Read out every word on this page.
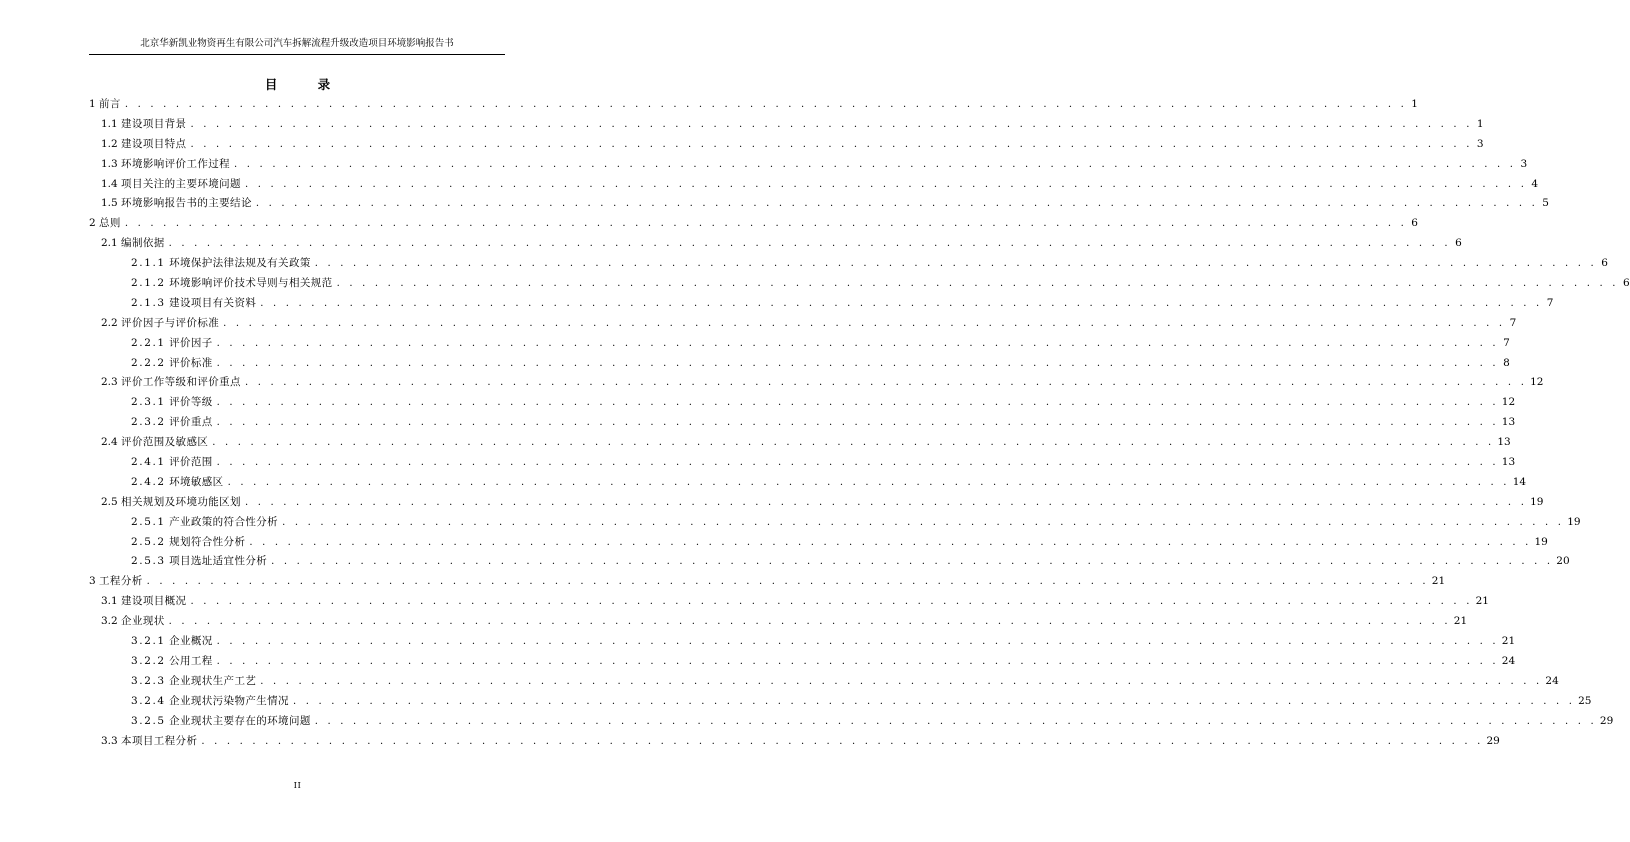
北京华新凯业物资再生有限公司汽车拆解流程升级改造项目环境影响报告书
目 录
1
前言 . . . . . . . . . . . . . . . . . . . . . . . . . . . . . . . . . . . . . . . . . . . . . . . . . . . . . . . . . . . . . . . . . . . . . . . . . . . . . . . . . . . . . . . . . . . . . . . . . . . . . 1
1.1
建设项目背景 . . . . . . . . . . . . . . . . . . . . . . . . . . . . . . . . . . . . . . . . . . . . . . . . . . . . . . . . . . . . . . . . . . . . . . . . . . . . . . . . . . . . . . . . . . . . . . . . . . . . . 1
1.2
建设项目特点 . . . . . . . . . . . . . . . . . . . . . . . . . . . . . . . . . . . . . . . . . . . . . . . . . . . . . . . . . . . . . . . . . . . . . . . . . . . . . . . . . . . . . . . . . . . . . . . . . . . . . 3
1.3
环境影响评价工作过程 . . . . . . . . . . . . . . . . . . . . . . . . . . . . . . . . . . . . . . . . . . . . . . . . . . . . . . . . . . . . . . . . . . . . . . . . . . . . . . . . . . . . . . . . . . . . . . . . . . . . . 3
1.4
项目关注的主要环境问题 . . . . . . . . . . . . . . . . . . . . . . . . . . . . . . . . . . . . . . . . . . . . . . . . . . . . . . . . . . . . . . . . . . . . . . . . . . . . . . . . . . . . . . . . . . . . . . . . . . . . . 4
1.5
环境影响报告书的主要结论 . . . . . . . . . . . . . . . . . . . . . . . . . . . . . . . . . . . . . . . . . . . . . . . . . . . . . . . . . . . . . . . . . . . . . . . . . . . . . . . . . . . . . . . . . . . . . . . . . . . . . 5
2
总则 . . . . . . . . . . . . . . . . . . . . . . . . . . . . . . . . . . . . . . . . . . . . . . . . . . . . . . . . . . . . . . . . . . . . . . . . . . . . . . . . . . . . . . . . . . . . . . . . . . . . . 6
2.1
编制依据 . . . . . . . . . . . . . . . . . . . . . . . . . . . . . . . . . . . . . . . . . . . . . . . . . . . . . . . . . . . . . . . . . . . . . . . . . . . . . . . . . . . . . . . . . . . . . . . . . . . . . 6
2.1.1
环境保护法律法规及有关政策 . . . . . . . . . . . . . . . . . . . . . . . . . . . . . . . . . . . . . . . . . . . . . . . . . . . . . . . . . . . . . . . . . . . . . . . . . . . . . . . . . . . . . . . . . . . . . . . . . . . . . 6
2.1.2
环境影响评价技术导则与相关规范 . . . . . . . . . . . . . . . . . . . . . . . . . . . . . . . . . . . . . . . . . . . . . . . . . . . . . . . . . . . . . . . . . . . . . . . . . . . . . . . . . . . . . . . . . . . . . . . . . . . . . 6
2.1.3
建设项目有关资料 . . . . . . . . . . . . . . . . . . . . . . . . . . . . . . . . . . . . . . . . . . . . . . . . . . . . . . . . . . . . . . . . . . . . . . . . . . . . . . . . . . . . . . . . . . . . . . . . . . . . . 7
2.2
评价因子与评价标准 . . . . . . . . . . . . . . . . . . . . . . . . . . . . . . . . . . . . . . . . . . . . . . . . . . . . . . . . . . . . . . . . . . . . . . . . . . . . . . . . . . . . . . . . . . . . . . . . . . . . . 7
2.2.1
评价因子 . . . . . . . . . . . . . . . . . . . . . . . . . . . . . . . . . . . . . . . . . . . . . . . . . . . . . . . . . . . . . . . . . . . . . . . . . . . . . . . . . . . . . . . . . . . . . . . . . . . . . 7
2.2.2
评价标准 . . . . . . . . . . . . . . . . . . . . . . . . . . . . . . . . . . . . . . . . . . . . . . . . . . . . . . . . . . . . . . . . . . . . . . . . . . . . . . . . . . . . . . . . . . . . . . . . . . . . . 8
2.3
评价工作等级和评价重点 . . . . . . . . . . . . . . . . . . . . . . . . . . . . . . . . . . . . . . . . . . . . . . . . . . . . . . . . . . . . . . . . . . . . . . . . . . . . . . . . . . . . . . . . . . . . . . . . . . . . . 12
2.3.1
评价等级 . . . . . . . . . . . . . . . . . . . . . . . . . . . . . . . . . . . . . . . . . . . . . . . . . . . . . . . . . . . . . . . . . . . . . . . . . . . . . . . . . . . . . . . . . . . . . . . . . . . . . 12
2.3.2
评价重点 . . . . . . . . . . . . . . . . . . . . . . . . . . . . . . . . . . . . . . . . . . . . . . . . . . . . . . . . . . . . . . . . . . . . . . . . . . . . . . . . . . . . . . . . . . . . . . . . . . . . . 13
2.4
评价范围及敏感区 . . . . . . . . . . . . . . . . . . . . . . . . . . . . . . . . . . . . . . . . . . . . . . . . . . . . . . . . . . . . . . . . . . . . . . . . . . . . . . . . . . . . . . . . . . . . . . . . . . . . . 13
2.4.1
评价范围 . . . . . . . . . . . . . . . . . . . . . . . . . . . . . . . . . . . . . . . . . . . . . . . . . . . . . . . . . . . . . . . . . . . . . . . . . . . . . . . . . . . . . . . . . . . . . . . . . . . . . 13
2.4.2
环境敏感区 . . . . . . . . . . . . . . . . . . . . . . . . . . . . . . . . . . . . . . . . . . . . . . . . . . . . . . . . . . . . . . . . . . . . . . . . . . . . . . . . . . . . . . . . . . . . . . . . . . . . . 14
2.5
相关规划及环境功能区划 . . . . . . . . . . . . . . . . . . . . . . . . . . . . . . . . . . . . . . . . . . . . . . . . . . . . . . . . . . . . . . . . . . . . . . . . . . . . . . . . . . . . . . . . . . . . . . . . . . . . . 19
2.5.1
产业政策的符合性分析 . . . . . . . . . . . . . . . . . . . . . . . . . . . . . . . . . . . . . . . . . . . . . . . . . . . . . . . . . . . . . . . . . . . . . . . . . . . . . . . . . . . . . . . . . . . . . . . . . . . . . 19
2.5.2
规划符合性分析 . . . . . . . . . . . . . . . . . . . . . . . . . . . . . . . . . . . . . . . . . . . . . . . . . . . . . . . . . . . . . . . . . . . . . . . . . . . . . . . . . . . . . . . . . . . . . . . . . . . . . 19
2.5.3
项目选址适宜性分析 . . . . . . . . . . . . . . . . . . . . . . . . . . . . . . . . . . . . . . . . . . . . . . . . . . . . . . . . . . . . . . . . . . . . . . . . . . . . . . . . . . . . . . . . . . . . . . . . . . . . . 20
3
工程分析 . . . . . . . . . . . . . . . . . . . . . . . . . . . . . . . . . . . . . . . . . . . . . . . . . . . . . . . . . . . . . . . . . . . . . . . . . . . . . . . . . . . . . . . . . . . . . . . . . . . . . 21
3.1
建设项目概况 . . . . . . . . . . . . . . . . . . . . . . . . . . . . . . . . . . . . . . . . . . . . . . . . . . . . . . . . . . . . . . . . . . . . . . . . . . . . . . . . . . . . . . . . . . . . . . . . . . . . . 21
3.2
企业现状 . . . . . . . . . . . . . . . . . . . . . . . . . . . . . . . . . . . . . . . . . . . . . . . . . . . . . . . . . . . . . . . . . . . . . . . . . . . . . . . . . . . . . . . . . . . . . . . . . . . . . 21
3.2.1
企业概况 . . . . . . . . . . . . . . . . . . . . . . . . . . . . . . . . . . . . . . . . . . . . . . . . . . . . . . . . . . . . . . . . . . . . . . . . . . . . . . . . . . . . . . . . . . . . . . . . . . . . . 21
3.2.2
公用工程 . . . . . . . . . . . . . . . . . . . . . . . . . . . . . . . . . . . . . . . . . . . . . . . . . . . . . . . . . . . . . . . . . . . . . . . . . . . . . . . . . . . . . . . . . . . . . . . . . . . . . 24
3.2.3
企业现状生产工艺 . . . . . . . . . . . . . . . . . . . . . . . . . . . . . . . . . . . . . . . . . . . . . . . . . . . . . . . . . . . . . . . . . . . . . . . . . . . . . . . . . . . . . . . . . . . . . . . . . . . . . 24
3.2.4
企业现状污染物产生情况 . . . . . . . . . . . . . . . . . . . . . . . . . . . . . . . . . . . . . . . . . . . . . . . . . . . . . . . . . . . . . . . . . . . . . . . . . . . . . . . . . . . . . . . . . . . . . . . . . . . . . 25
3.2.5
企业现状主要存在的环境问题 . . . . . . . . . . . . . . . . . . . . . . . . . . . . . . . . . . . . . . . . . . . . . . . . . . . . . . . . . . . . . . . . . . . . . . . . . . . . . . . . . . . . . . . . . . . . . . . . . . . . . 29
3.3
本项目工程分析 . . . . . . . . . . . . . . . . . . . . . . . . . . . . . . . . . . . . . . . . . . . . . . . . . . . . . . . . . . . . . . . . . . . . . . . . . . . . . . . . . . . . . . . . . . . . . . . . . . . . . 29
II
